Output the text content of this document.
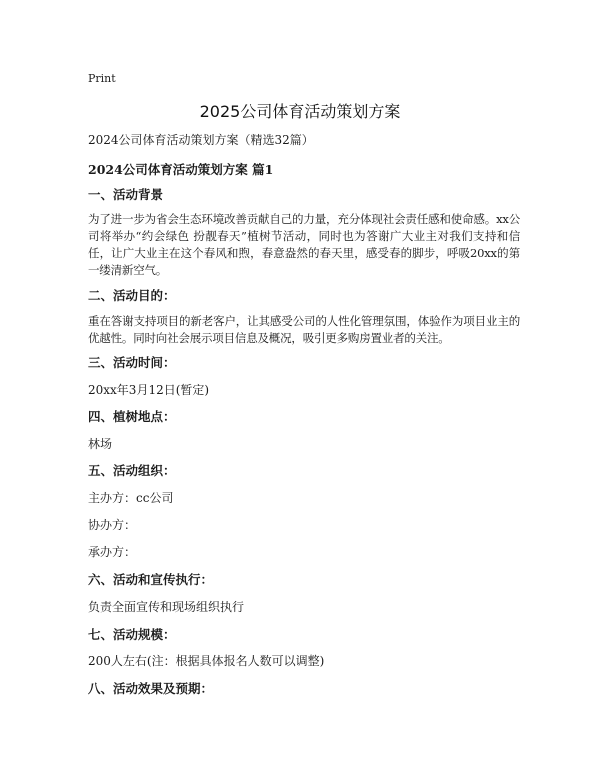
Print
2025公司体育活动策划方案
2024公司体育活动策划方案（精选32篇）
2024公司体育活动策划方案 篇1
一、活动背景
为了进一步为省会生态环境改善贡献自己的力量，充分体现社会责任感和使命感。xx公司将举办“约会绿色 扮靓春天”植树节活动，同时也为答谢广大业主对我们支持和信任，让广大业主在这个春风和煦，春意盎然的春天里，感受春的脚步，呼吸20xx的第一缕清新空气。
二、活动目的：
重在答谢支持项目的新老客户，让其感受公司的人性化管理氛围，体验作为项目业主的优越性。同时向社会展示项目信息及概况，吸引更多购房置业者的关注。
三、活动时间：
20xx年3月12日(暂定)
四、植树地点：
林场
五、活动组织：
主办方：cc公司
协办方：
承办方：
六、活动和宣传执行：
负责全面宣传和现场组织执行
七、活动规模：
200人左右(注：根据具体报名人数可以调整)
八、活动效果及预期：
